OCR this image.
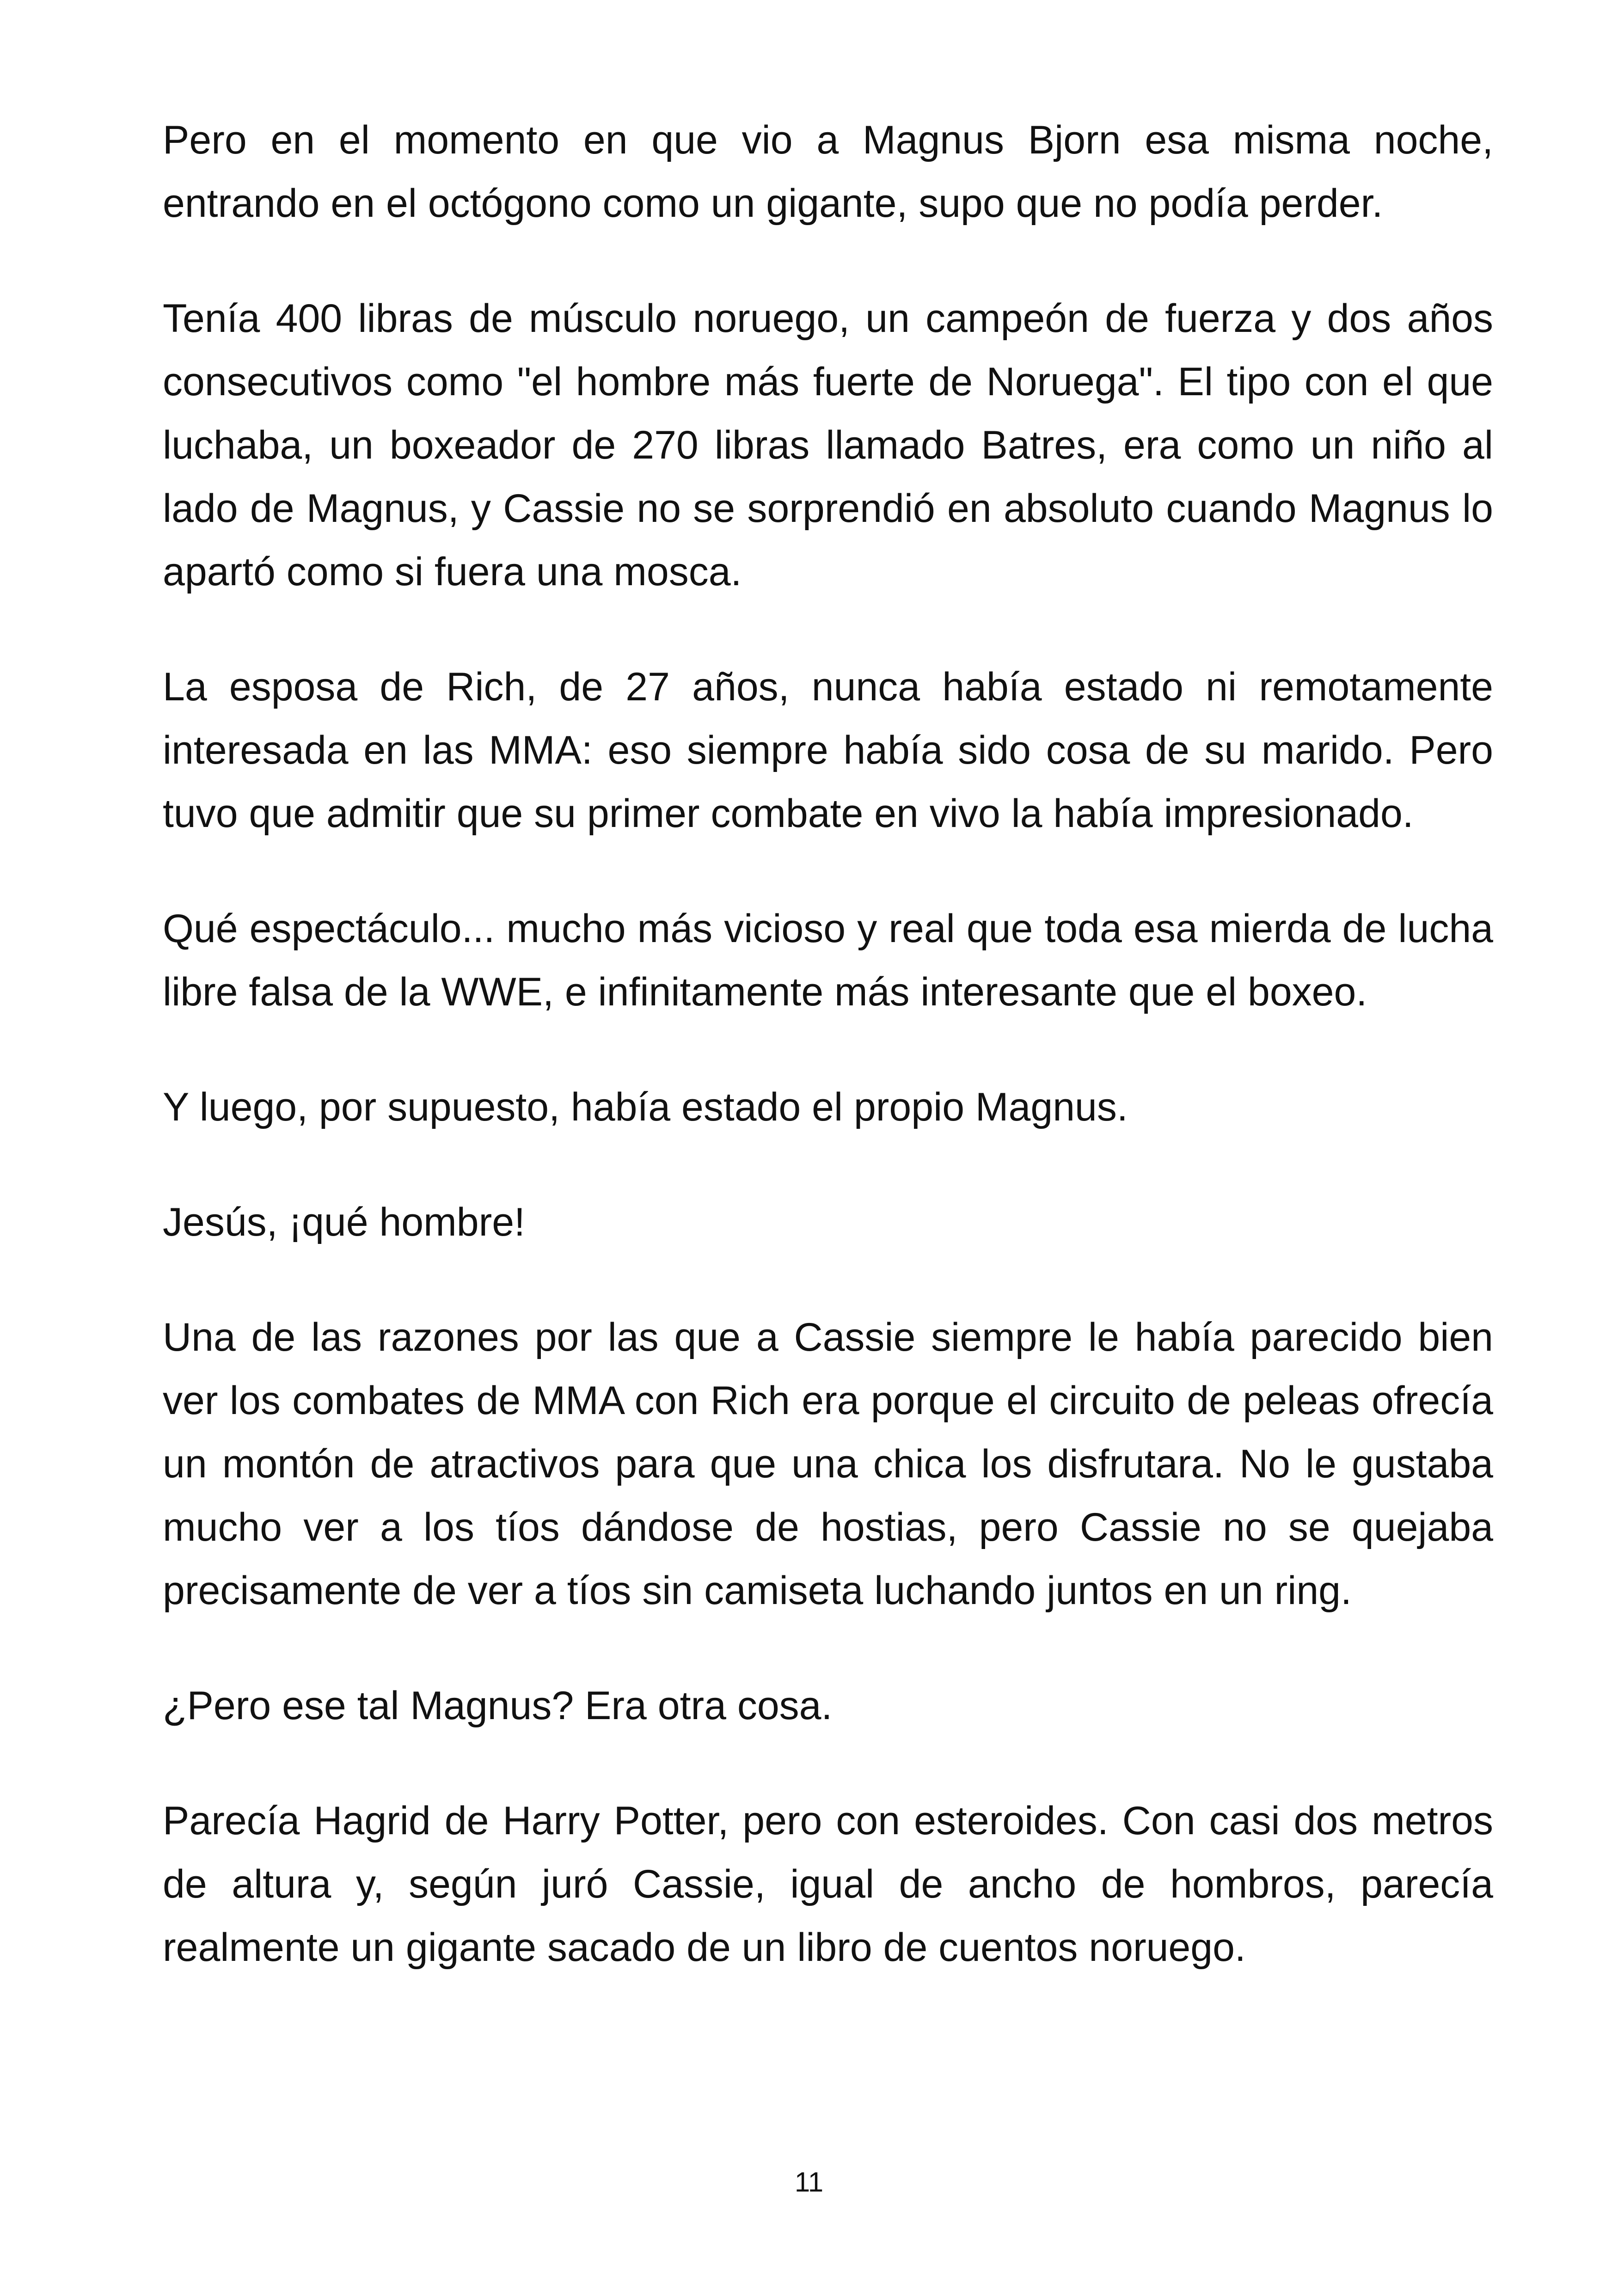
Pero en el momento en que vio a Magnus Bjorn esa misma noche, entrando en el octógono como un gigante, supo que no podía perder.

Tenía 400 libras de músculo noruego, un campeón de fuerza y dos años consecutivos como "el hombre más fuerte de Noruega". El tipo con el que luchaba, un boxeador de 270 libras llamado Batres, era como un niño al lado de Magnus, y Cassie no se sorprendió en absoluto cuando Magnus lo apartó como si fuera una mosca.

La esposa de Rich, de 27 años, nunca había estado ni remotamente interesada en las MMA: eso siempre había sido cosa de su marido. Pero tuvo que admitir que su primer combate en vivo la había impresionado.

Qué espectáculo... mucho más vicioso y real que toda esa mierda de lucha libre falsa de la WWE, e infinitamente más interesante que el boxeo.

Y luego, por supuesto, había estado el propio Magnus.

Jesús, ¡qué hombre!

Una de las razones por las que a Cassie siempre le había parecido bien ver los combates de MMA con Rich era porque el circuito de peleas ofrecía un montón de atractivos para que una chica los disfrutara. No le gustaba mucho ver a los tíos dándose de hostias, pero Cassie no se quejaba precisamente de ver a tíos sin camiseta luchando juntos en un ring.

¿Pero ese tal Magnus? Era otra cosa.

Parecía Hagrid de Harry Potter, pero con esteroides. Con casi dos metros de altura y, según juró Cassie, igual de ancho de hombros, parecía realmente un gigante sacado de un libro de cuentos noruego.

11
